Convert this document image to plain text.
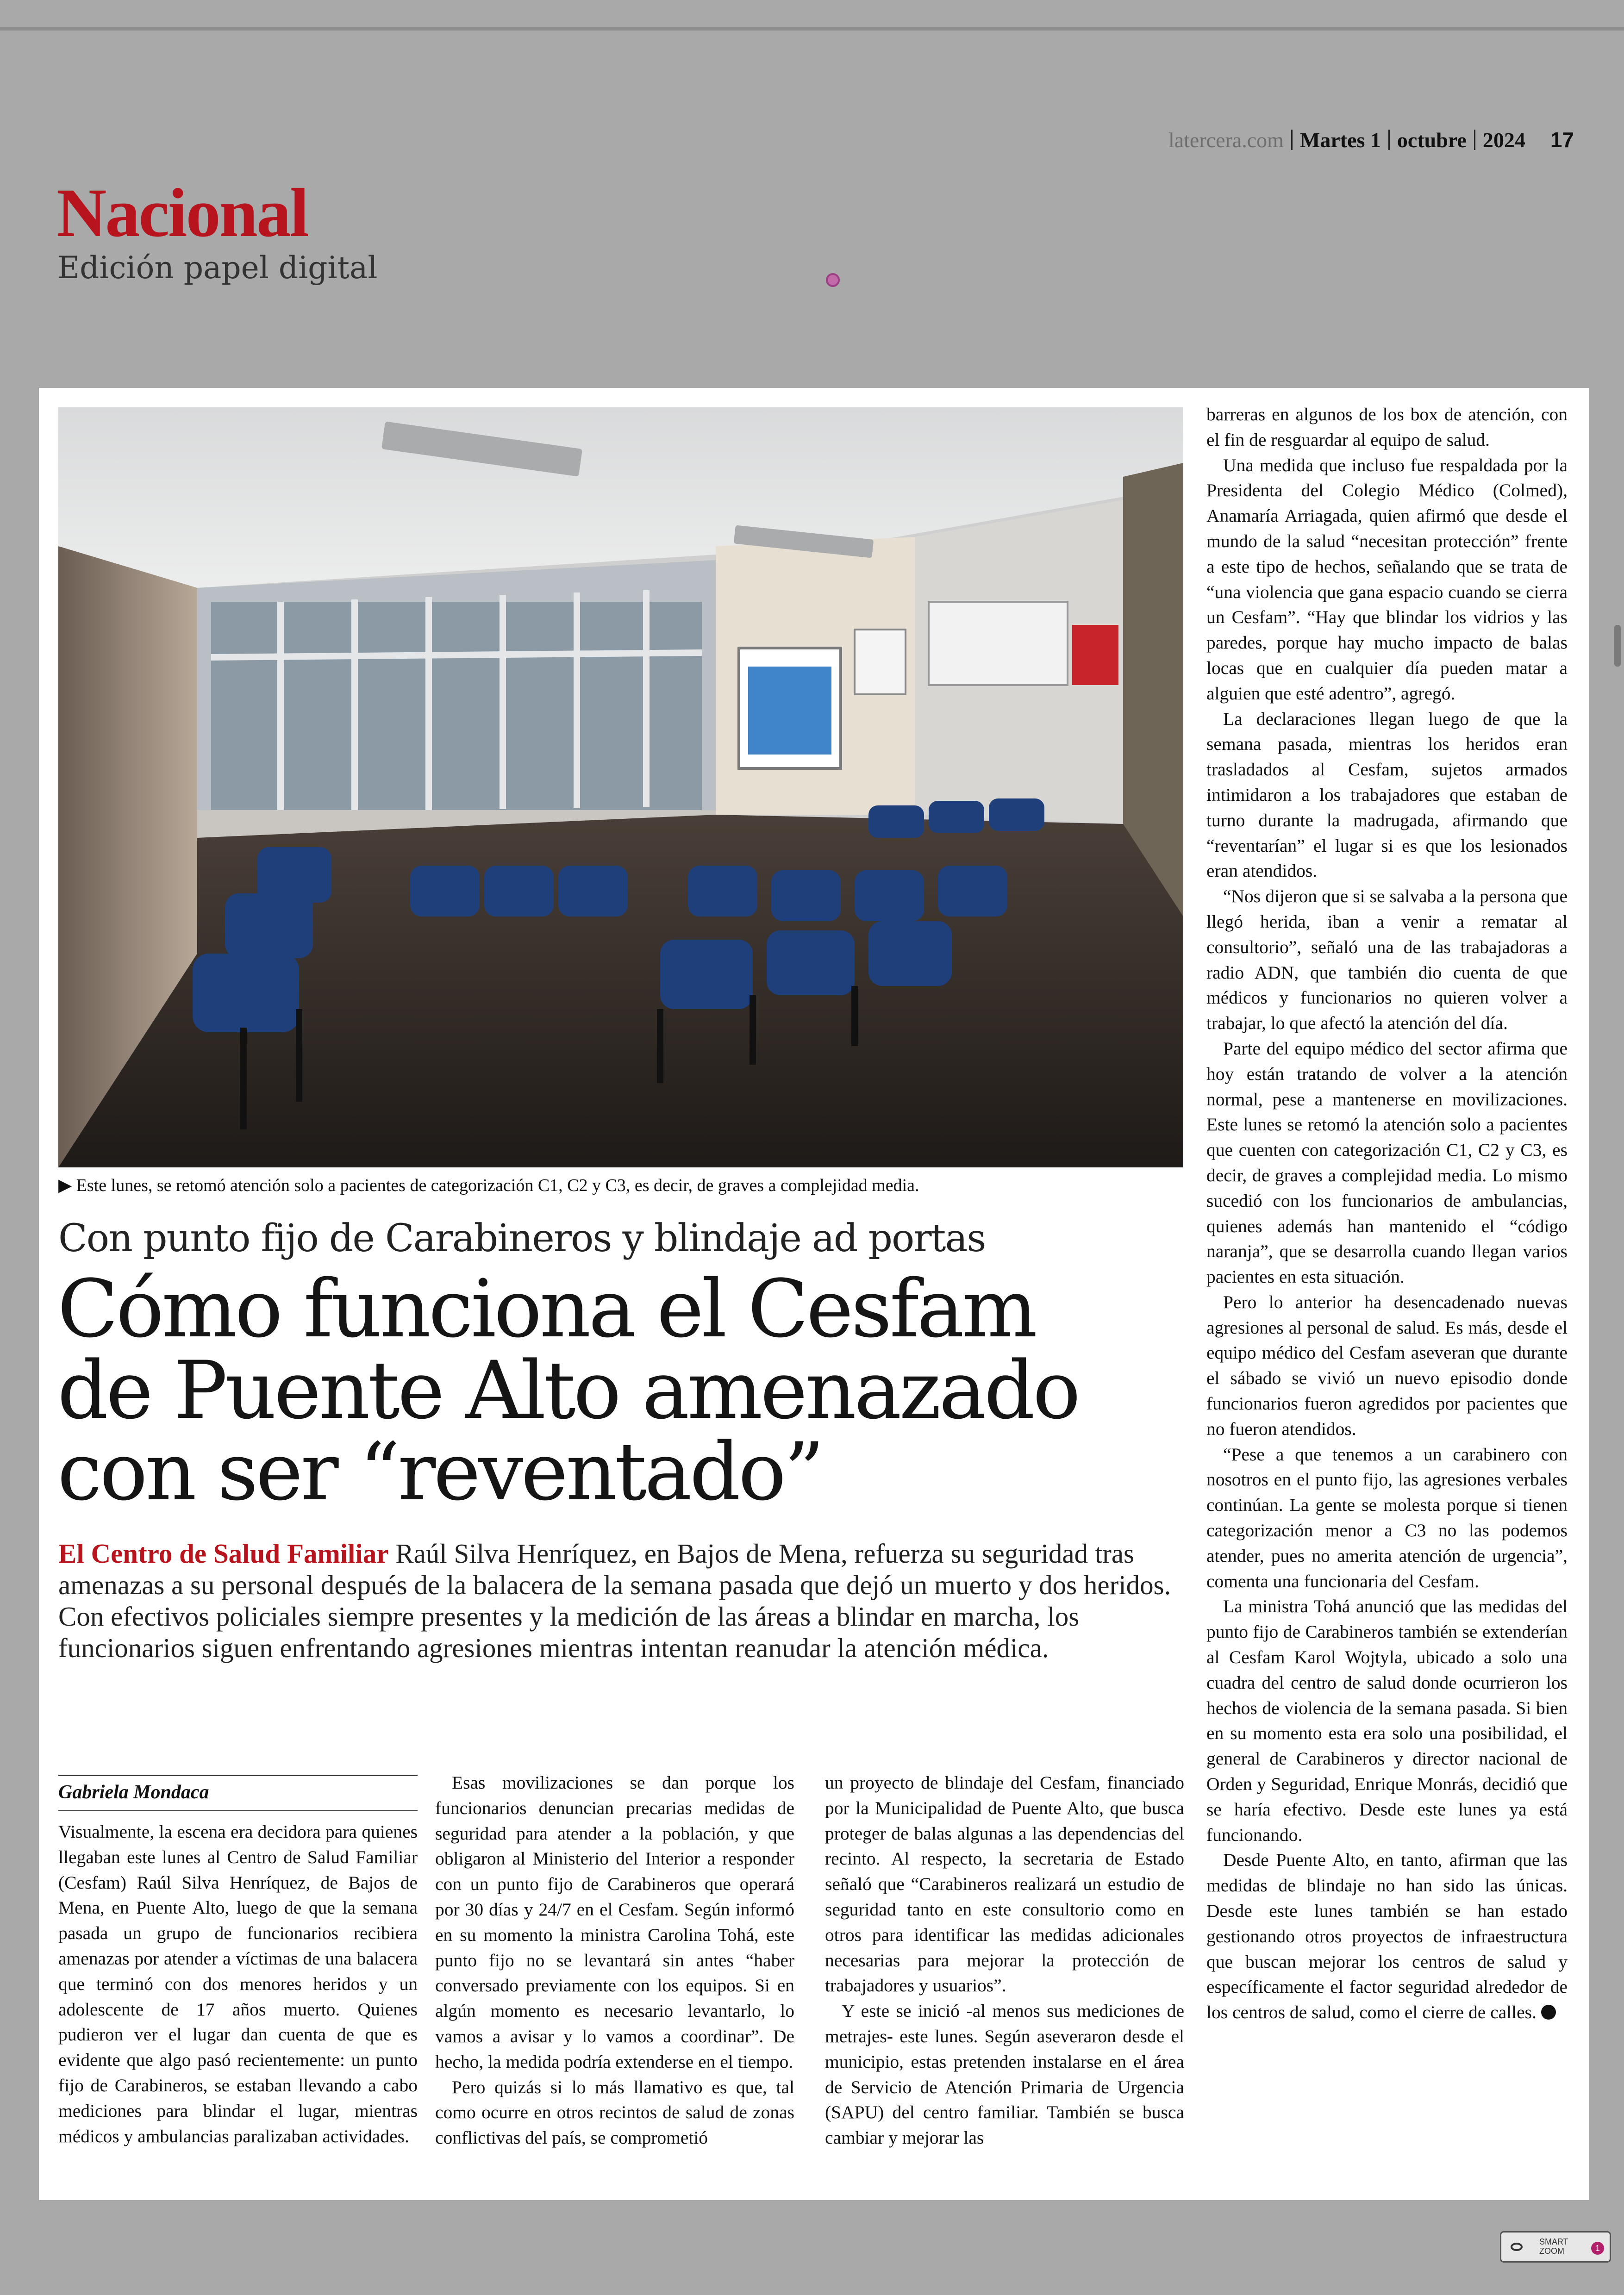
latercera.com Martes 1 octubre 2024 17
Nacional
Edición papel digital
▶ Este lunes, se retomó atención solo a pacientes de categorización C1, C2 y C3, es decir, de graves a complejidad media.
Con punto fijo de Carabineros y blindaje ad portas
Cómo funciona el Cesfam
de Puente Alto amenazado
con ser “reventado”
El Centro de Salud Familiar Raúl Silva Henríquez, en Bajos de Mena, refuerza su seguridad tras amenazas a su personal después de la balacera de la semana pasada que dejó un muerto y dos heridos. Con efectivos policiales siempre presentes y la medición de las áreas a blindar en marcha, los funcionarios siguen enfrentando agresiones mientras intentan reanudar la atención médica.
Gabriela Mondaca

Visualmente, la escena era decidora para quienes llegaban este lunes al Centro de Salud Familiar (Cesfam) Raúl Silva Henríquez, de Bajos de Mena, en Puente Alto, luego de que la semana pasada un grupo de funcionarios recibiera amenazas por atender a víctimas de una balacera que terminó con dos menores heridos y un adolescente de 17 años muerto. Quienes pudieron ver el lugar dan cuenta de que es evidente que algo pasó recientemente: un punto fijo de Carabineros, se estaban llevando a cabo mediciones para blindar el lugar, mientras médicos y ambulancias paralizaban actividades.

Esas movilizaciones se dan porque los funcionarios denuncian precarias medidas de seguridad para atender a la población, y que obligaron al Ministerio del Interior a responder con un punto fijo de Carabineros que operará por 30 días y 24/7 en el Cesfam. Según informó en su momento la ministra Carolina Tohá, este punto fijo no se levantará sin antes “haber conversado previamente con los equipos. Si en algún momento es necesario levantarlo, lo vamos a avisar y lo vamos a coordinar”. De hecho, la medida podría extenderse en el tiempo.

Pero quizás si lo más llamativo es que, tal como ocurre en otros recintos de salud de zonas conflictivas del país, se comprometió

un proyecto de blindaje del Cesfam, financiado por la Municipalidad de Puente Alto, que busca proteger de balas algunas a las dependencias del recinto. Al respecto, la secretaria de Estado señaló que “Carabineros realizará un estudio de seguridad tanto en este consultorio como en otros para identificar las medidas adicionales necesarias para mejorar la protección de trabajadores y usuarios”.

Y este se inició -al menos sus mediciones de metrajes- este lunes. Según aseveraron desde el municipio, estas pretenden instalarse en el área de Servicio de Atención Primaria de Urgencia (SAPU) del centro familiar. También se busca cambiar y mejorar las

barreras en algunos de los box de atención, con el fin de resguardar al equipo de salud.

Una medida que incluso fue respaldada por la Presidenta del Colegio Médico (Colmed), Anamaría Arriagada, quien afirmó que desde el mundo de la salud “necesitan protección” frente a este tipo de hechos, señalando que se trata de “una violencia que gana espacio cuando se cierra un Cesfam”. “Hay que blindar los vidrios y las paredes, porque hay mucho impacto de balas locas que en cualquier día pueden matar a alguien que esté adentro”, agregó.

La declaraciones llegan luego de que la semana pasada, mientras los heridos eran trasladados al Cesfam, sujetos armados intimidaron a los trabajadores que estaban de turno durante la madrugada, afirmando que “reventarían” el lugar si es que los lesionados eran atendidos.

“Nos dijeron que si se salvaba a la persona que llegó herida, iban a venir a rematar al consultorio”, señaló una de las trabajadoras a radio ADN, que también dio cuenta de que médicos y funcionarios no quieren volver a trabajar, lo que afectó la atención del día.

Parte del equipo médico del sector afirma que hoy están tratando de volver a la atención normal, pese a mantenerse en movilizaciones. Este lunes se retomó la atención solo a pacientes que cuenten con categorización C1, C2 y C3, es decir, de graves a complejidad media. Lo mismo sucedió con los funcionarios de ambulancias, quienes además han mantenido el “código naranja”, que se desarrolla cuando llegan varios pacientes en esta situación.

Pero lo anterior ha desencadenado nuevas agresiones al personal de salud. Es más, desde el equipo médico del Cesfam aseveran que durante el sábado se vivió un nuevo episodio donde funcionarios fueron agredidos por pacientes que no fueron atendidos.

“Pese a que tenemos a un carabinero con nosotros en el punto fijo, las agresiones verbales continúan. La gente se molesta porque si tienen categorización menor a C3 no las podemos atender, pues no amerita atención de urgencia”, comenta una funcionaria del Cesfam.

La ministra Tohá anunció que las medidas del punto fijo de Carabineros también se extenderían al Cesfam Karol Wojtyla, ubicado a solo una cuadra del centro de salud donde ocurrieron los hechos de violencia de la semana pasada. Si bien en su momento esta era solo una posibilidad, el general de Carabineros y director nacional de Orden y Seguridad, Enrique Monrás, decidió que se haría efectivo. Desde este lunes ya está funcionando.

Desde Puente Alto, en tanto, afirman que las medidas de blindaje no han sido las únicas. Desde este lunes también se han estado gestionando otros proyectos de infraestructura que buscan mejorar los centros de salud y específicamente el factor seguridad alrededor de los centros de salud, como el cierre de calles.

SMART
ZOOM	1
